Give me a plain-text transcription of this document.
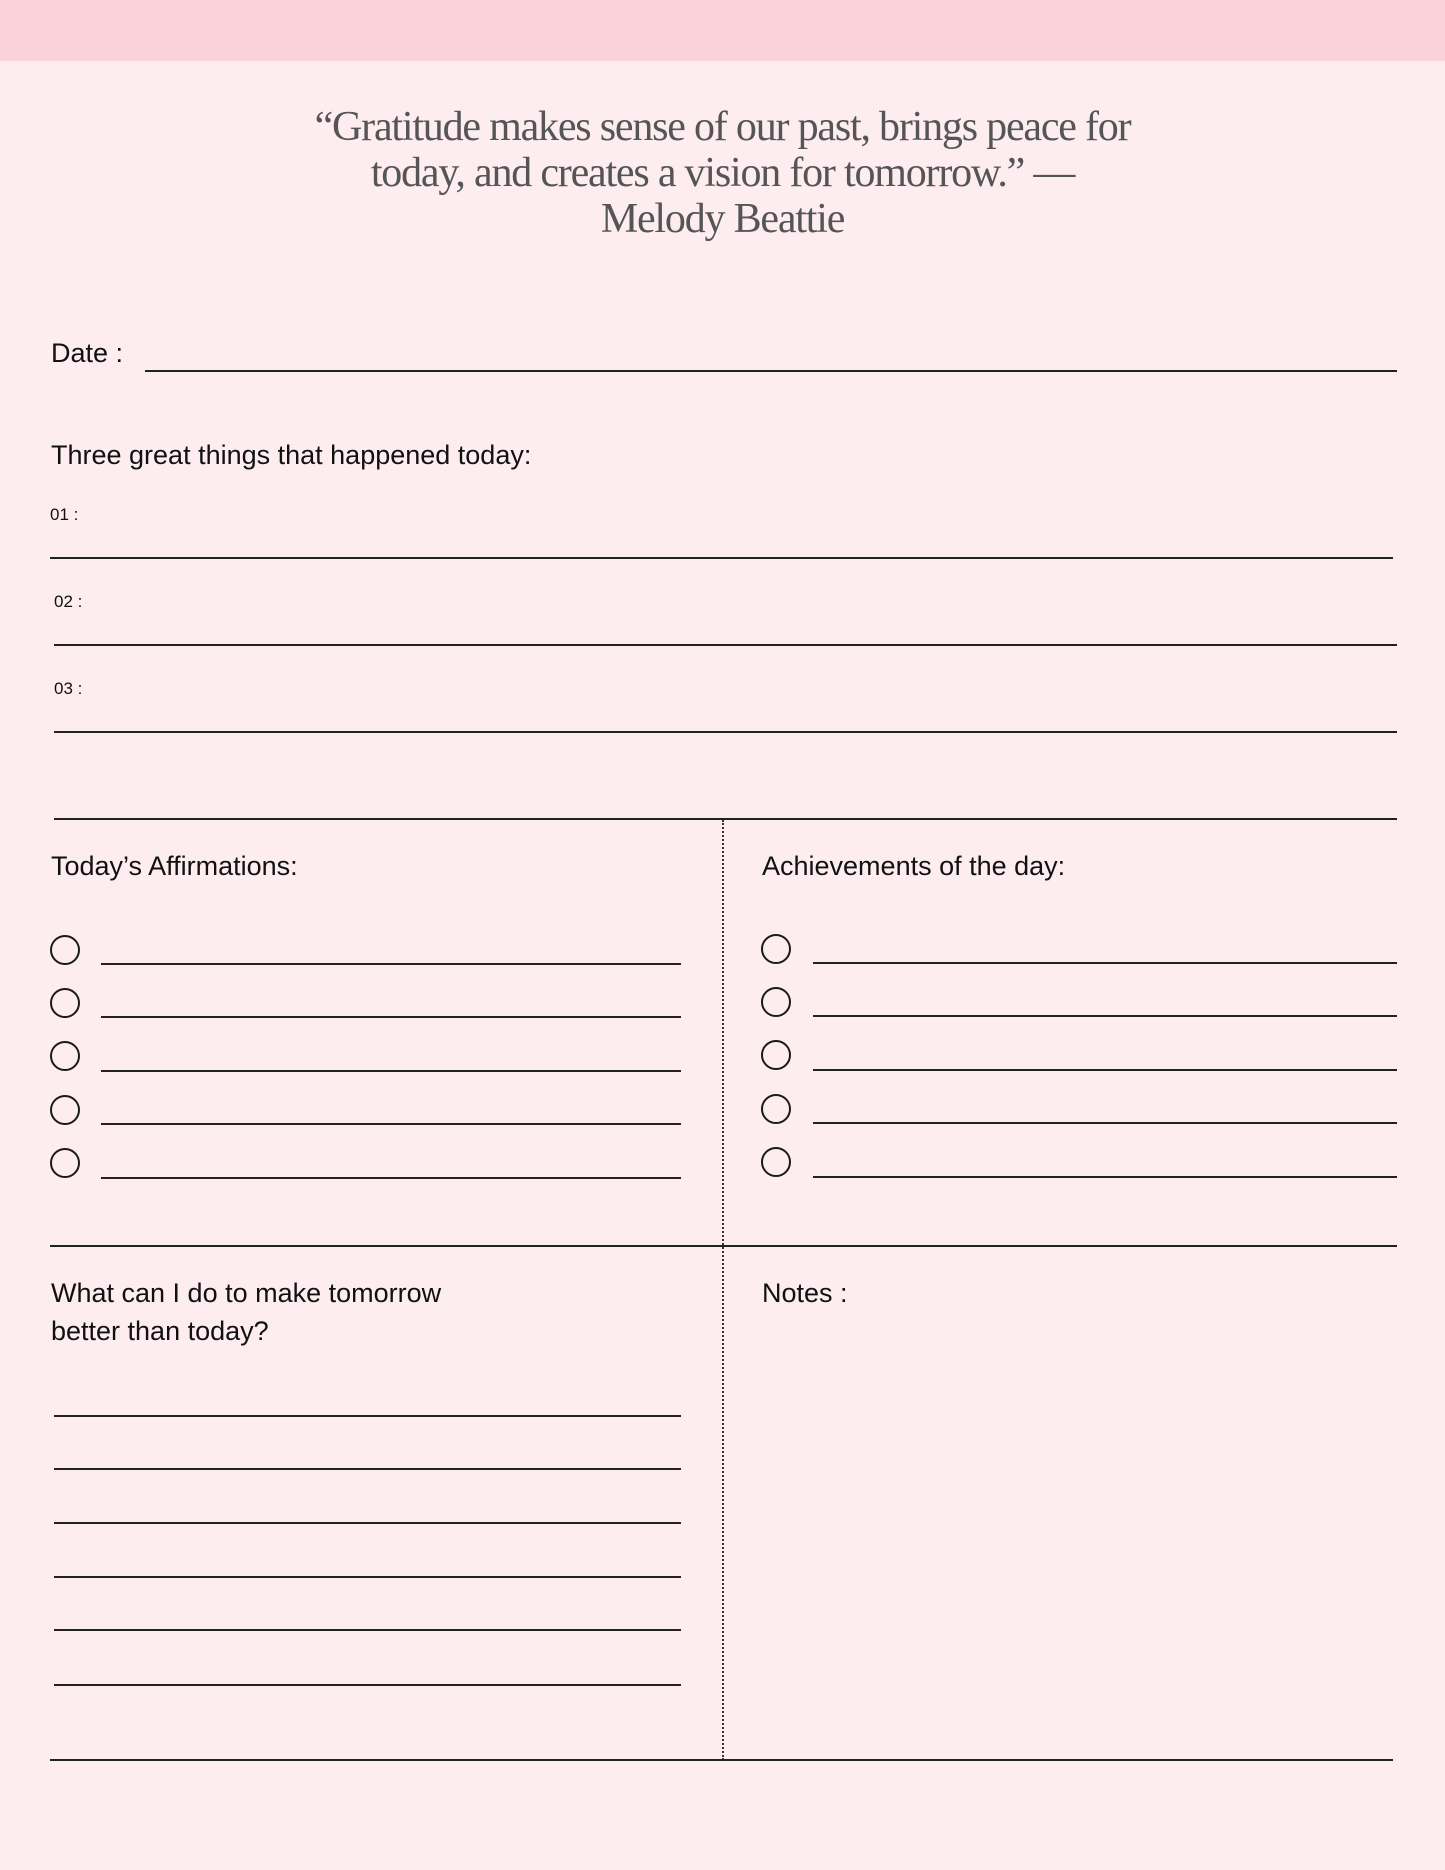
“Gratitude makes sense of our past, brings peace for
today, and creates a vision for tomorrow.” —
Melody Beattie
Date :
Three great things that happened today:
01 :
02 :
03 :
Today’s Affirmations:	Achievements of the day:
What can I do to make tomorrow
better than today?
Notes :
